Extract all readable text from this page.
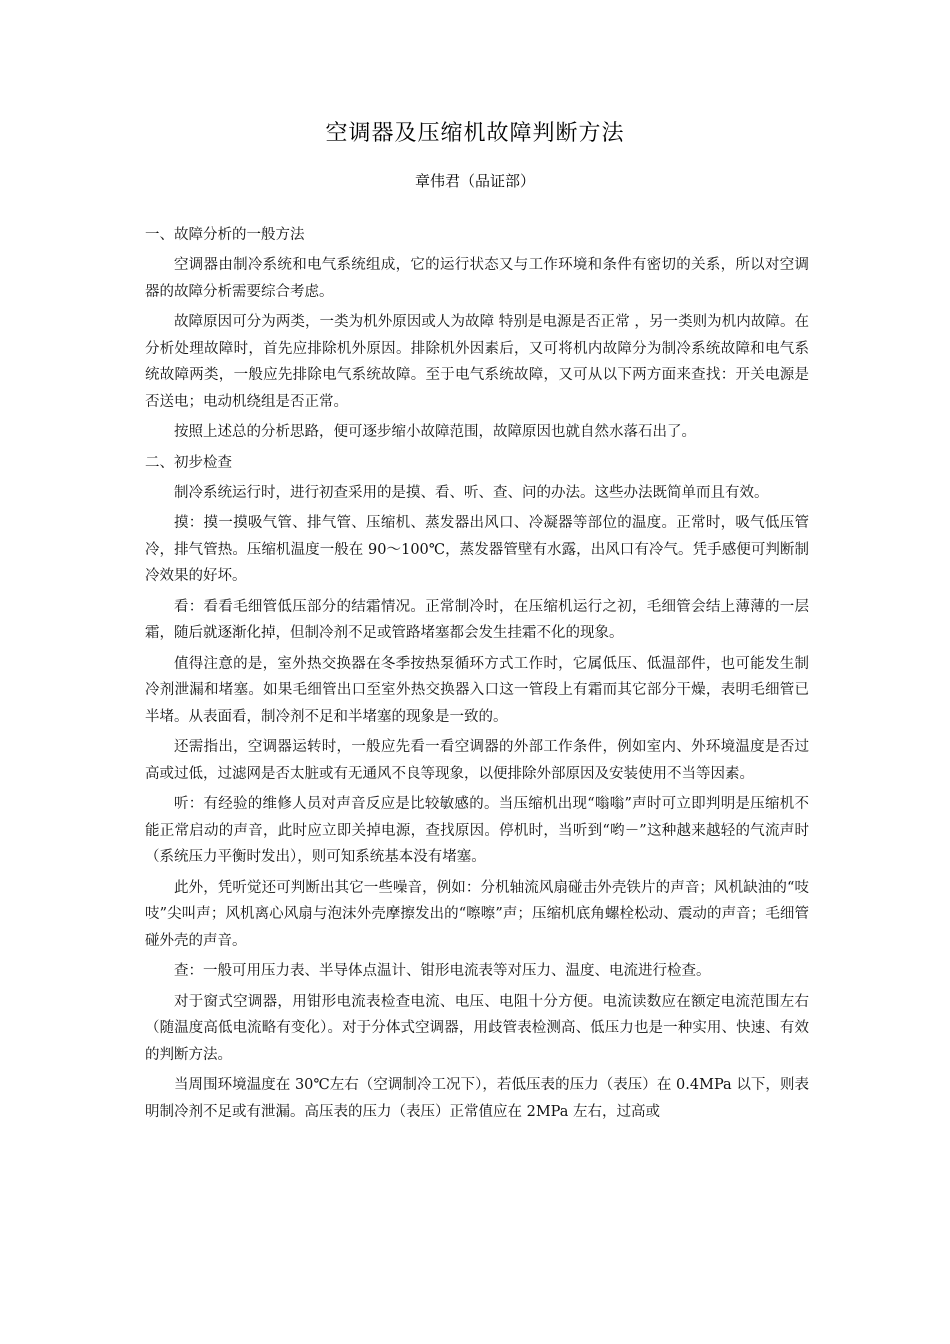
空调器及压缩机故障判断方法
章伟君（品证部）
一、故障分析的一般方法
空调器由制冷系统和电气系统组成，它的运行状态又与工作环境和条件有密切的关系，所以对空调器的故障分析需要综合考虑。
故障原因可分为两类，一类为机外原因或人为故障 特别是电源是否正常 ，另一类则为机内故障。在分析处理故障时，首先应排除机外原因。排除机外因素后，又可将机内故障分为制冷系统故障和电气系统故障两类，一般应先排除电气系统故障。至于电气系统故障，又可从以下两方面来查找：开关电源是否送电；电动机绕组是否正常。
按照上述总的分析思路，便可逐步缩小故障范围，故障原因也就自然水落石出了。
二、初步检查
制冷系统运行时，进行初查采用的是摸、看、听、查、问的办法。这些办法既简单而且有效。
摸：摸一摸吸气管、排气管、压缩机、蒸发器出风口、冷凝器等部位的温度。正常时，吸气低压管冷，排气管热。压缩机温度一般在 90～100℃，蒸发器管壁有水露，出风口有冷气。凭手感便可判断制冷效果的好坏。
看：看看毛细管低压部分的结霜情况。正常制冷时，在压缩机运行之初，毛细管会结上薄薄的一层霜，随后就逐渐化掉，但制冷剂不足或管路堵塞都会发生挂霜不化的现象。
值得注意的是，室外热交换器在冬季按热泵循环方式工作时，它属低压、低温部件，也可能发生制冷剂泄漏和堵塞。如果毛细管出口至室外热交换器入口这一管段上有霜而其它部分干燥，表明毛细管已半堵。从表面看，制冷剂不足和半堵塞的现象是一致的。
还需指出，空调器运转时，一般应先看一看空调器的外部工作条件，例如室内、外环境温度是否过高或过低，过滤网是否太脏或有无通风不良等现象，以便排除外部原因及安装使用不当等因素。
听：有经验的维修人员对声音反应是比较敏感的。当压缩机出现“嗡嗡”声时可立即判明是压缩机不能正常启动的声音，此时应立即关掉电源，查找原因。停机时，当听到“哟－”这种越来越轻的气流声时（系统压力平衡时发出），则可知系统基本没有堵塞。
此外，凭听觉还可判断出其它一些噪音，例如：分机轴流风扇碰击外壳铁片的声音；风机缺油的“吱吱”尖叫声；风机离心风扇与泡沫外壳摩擦发出的“嚓嚓”声；压缩机底角螺栓松动、震动的声音；毛细管碰外壳的声音。
查：一般可用压力表、半导体点温计、钳形电流表等对压力、温度、电流进行检查。
对于窗式空调器，用钳形电流表检查电流、电压、电阻十分方便。电流读数应在额定电流范围左右（随温度高低电流略有变化）。对于分体式空调器，用歧管表检测高、低压力也是一种实用、快速、有效的判断方法。
当周围环境温度在 30℃左右（空调制冷工况下），若低压表的压力（表压）在 0.4MPa 以下，则表明制冷剂不足或有泄漏。高压表的压力（表压）正常值应在 2MPa 左右，过高或
